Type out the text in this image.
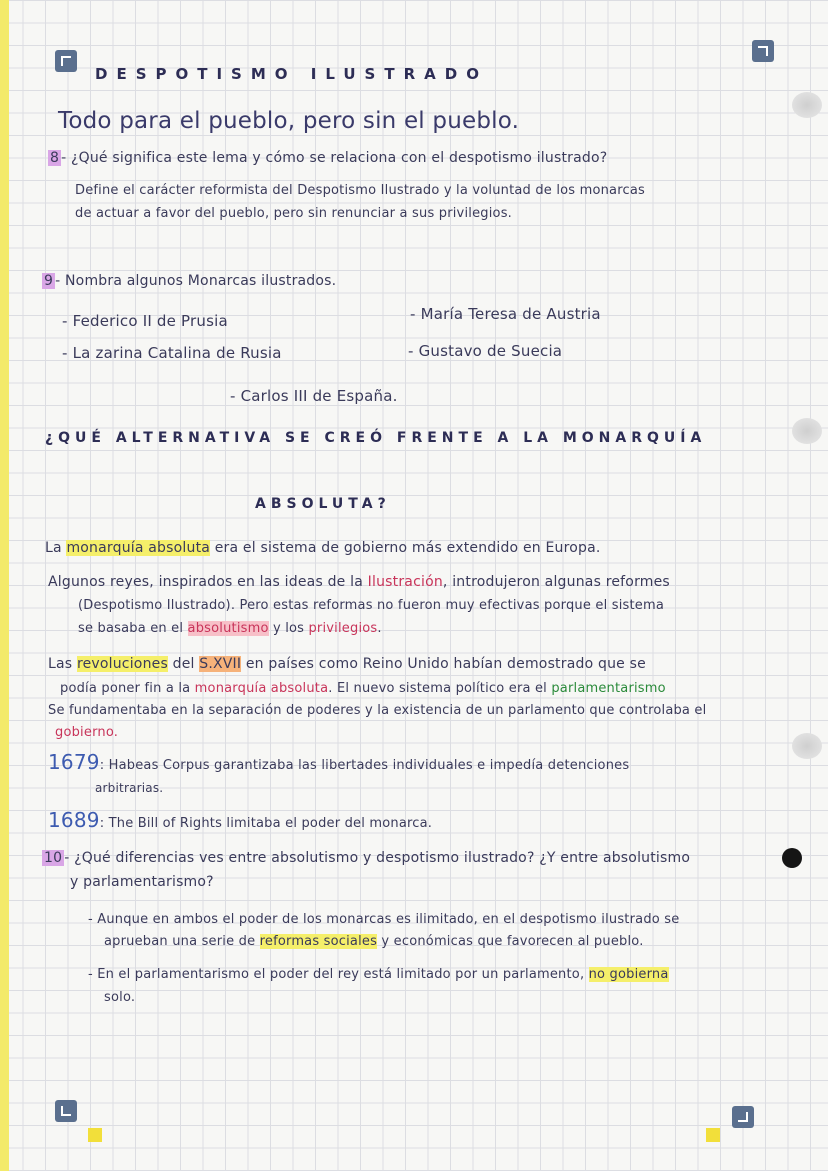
DESPOTISMO ILUSTRADO
Todo para el pueblo, pero sin el pueblo.
8 - ¿Qué significa este lema y cómo se relaciona con el despotismo ilustrado?
Define el carácter reformista del Despotismo Ilustrado y la voluntad de los monarcas
de actuar a favor del pueblo, pero sin renunciar a sus privilegios.
9 - Nombra algunos Monarcas ilustrados.
- Federico II de Prusia	- María Teresa de Austria
- La zarina Catalina de Rusia	- Gustavo de Suecia
- Carlos III de España.
¿QUÉ ALTERNATIVA SE CREÓ FRENTE A LA MONARQUÍA
ABSOLUTA?
La monarquía absoluta era el sistema de gobierno más extendido en Europa.
Algunos reyes, inspirados en las ideas de la Ilustración, introdujeron algunas reformes
(Despotismo Ilustrado). Pero estas reformas no fueron muy efectivas porque el sistema
se basaba en el absolutismo y los privilegios.
Las revoluciones del S.XVII en países como Reino Unido habían demostrado que se
podía poner fin a la monarquía absoluta. El nuevo sistema político era el parlamentarismo
Se fundamentaba en la separación de poderes y la existencia de un parlamento que controlaba el
gobierno.
1679: Habeas Corpus garantizaba las libertades individuales e impedía detenciones
arbitrarias.
1689: The Bill of Rights limitaba el poder del monarca.
10 - ¿Qué diferencias ves entre absolutismo y despotismo ilustrado? ¿Y entre absolutismo
y parlamentarismo?
- Aunque en ambos el poder de los monarcas es ilimitado, en el despotismo ilustrado se
aprueban una serie de reformas sociales y económicas que favorecen al pueblo.
- En el parlamentarismo el poder del rey está limitado por un parlamento, no gobierna
solo.
